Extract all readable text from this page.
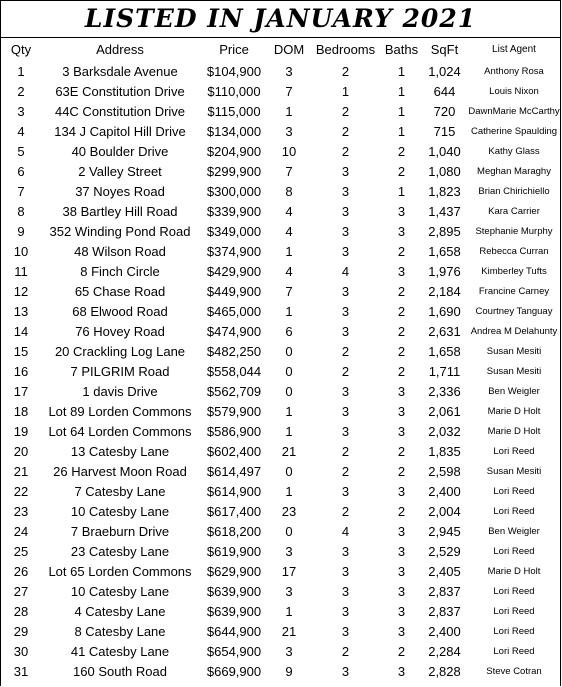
LISTED IN JANUARY 2021
Qty	Address	Price	DOM	Bedrooms	Baths	SqFt	List Agent
1	3 Barksdale Avenue	$104,900	3	2	1	1,024	Anthony Rosa
2	63E Constitution Drive	$110,000	7	1	1	644	Louis Nixon
3	44C Constitution Drive	$115,000	1	2	1	720	DawnMarie McCarthy
4	134 J Capitol Hill Drive	$134,000	3	2	1	715	Catherine Spaulding
5	40 Boulder Drive	$204,900	10	2	2	1,040	Kathy Glass
6	2 Valley Street	$299,900	7	3	2	1,080	Meghan Maraghy
7	37 Noyes Road	$300,000	8	3	1	1,823	Brian Chirichiello
8	38 Bartley Hill Road	$339,900	4	3	3	1,437	Kara Carrier
9	352 Winding Pond Road	$349,000	4	3	3	2,895	Stephanie Murphy
10	48 Wilson Road	$374,900	1	3	2	1,658	Rebecca Curran
11	8 Finch Circle	$429,900	4	4	3	1,976	Kimberley Tufts
12	65 Chase Road	$449,900	7	3	2	2,184	Francine Carney
13	68 Elwood Road	$465,000	1	3	2	1,690	Courtney Tanguay
14	76 Hovey Road	$474,900	6	3	2	2,631	Andrea M Delahunty
15	20 Crackling Log Lane	$482,250	0	2	2	1,658	Susan Mesiti
16	7 PILGRIM Road	$558,044	0	2	2	1,711	Susan Mesiti
17	1 davis Drive	$562,709	0	3	3	2,336	Ben Weigler
18	Lot 89 Lorden Commons	$579,900	1	3	3	2,061	Marie D Holt
19	Lot 64 Lorden Commons	$586,900	1	3	3	2,032	Marie D Holt
20	13 Catesby Lane	$602,400	21	2	2	1,835	Lori Reed
21	26 Harvest Moon Road	$614,497	0	2	2	2,598	Susan Mesiti
22	7 Catesby Lane	$614,900	1	3	3	2,400	Lori Reed
23	10 Catesby Lane	$617,400	23	2	2	2,004	Lori Reed
24	7 Braeburn Drive	$618,200	0	4	3	2,945	Ben Weigler
25	23 Catesby Lane	$619,900	3	3	3	2,529	Lori Reed
26	Lot 65 Lorden Commons	$629,900	17	3	3	2,405	Marie D Holt
27	10 Catesby Lane	$639,900	3	3	3	2,837	Lori Reed
28	4 Catesby Lane	$639,900	1	3	3	2,837	Lori Reed
29	8 Catesby Lane	$644,900	21	3	3	2,400	Lori Reed
30	41 Catesby Lane	$654,900	3	2	2	2,284	Lori Reed
31	160 South Road	$669,900	9	3	3	2,828	Steve Cotran
